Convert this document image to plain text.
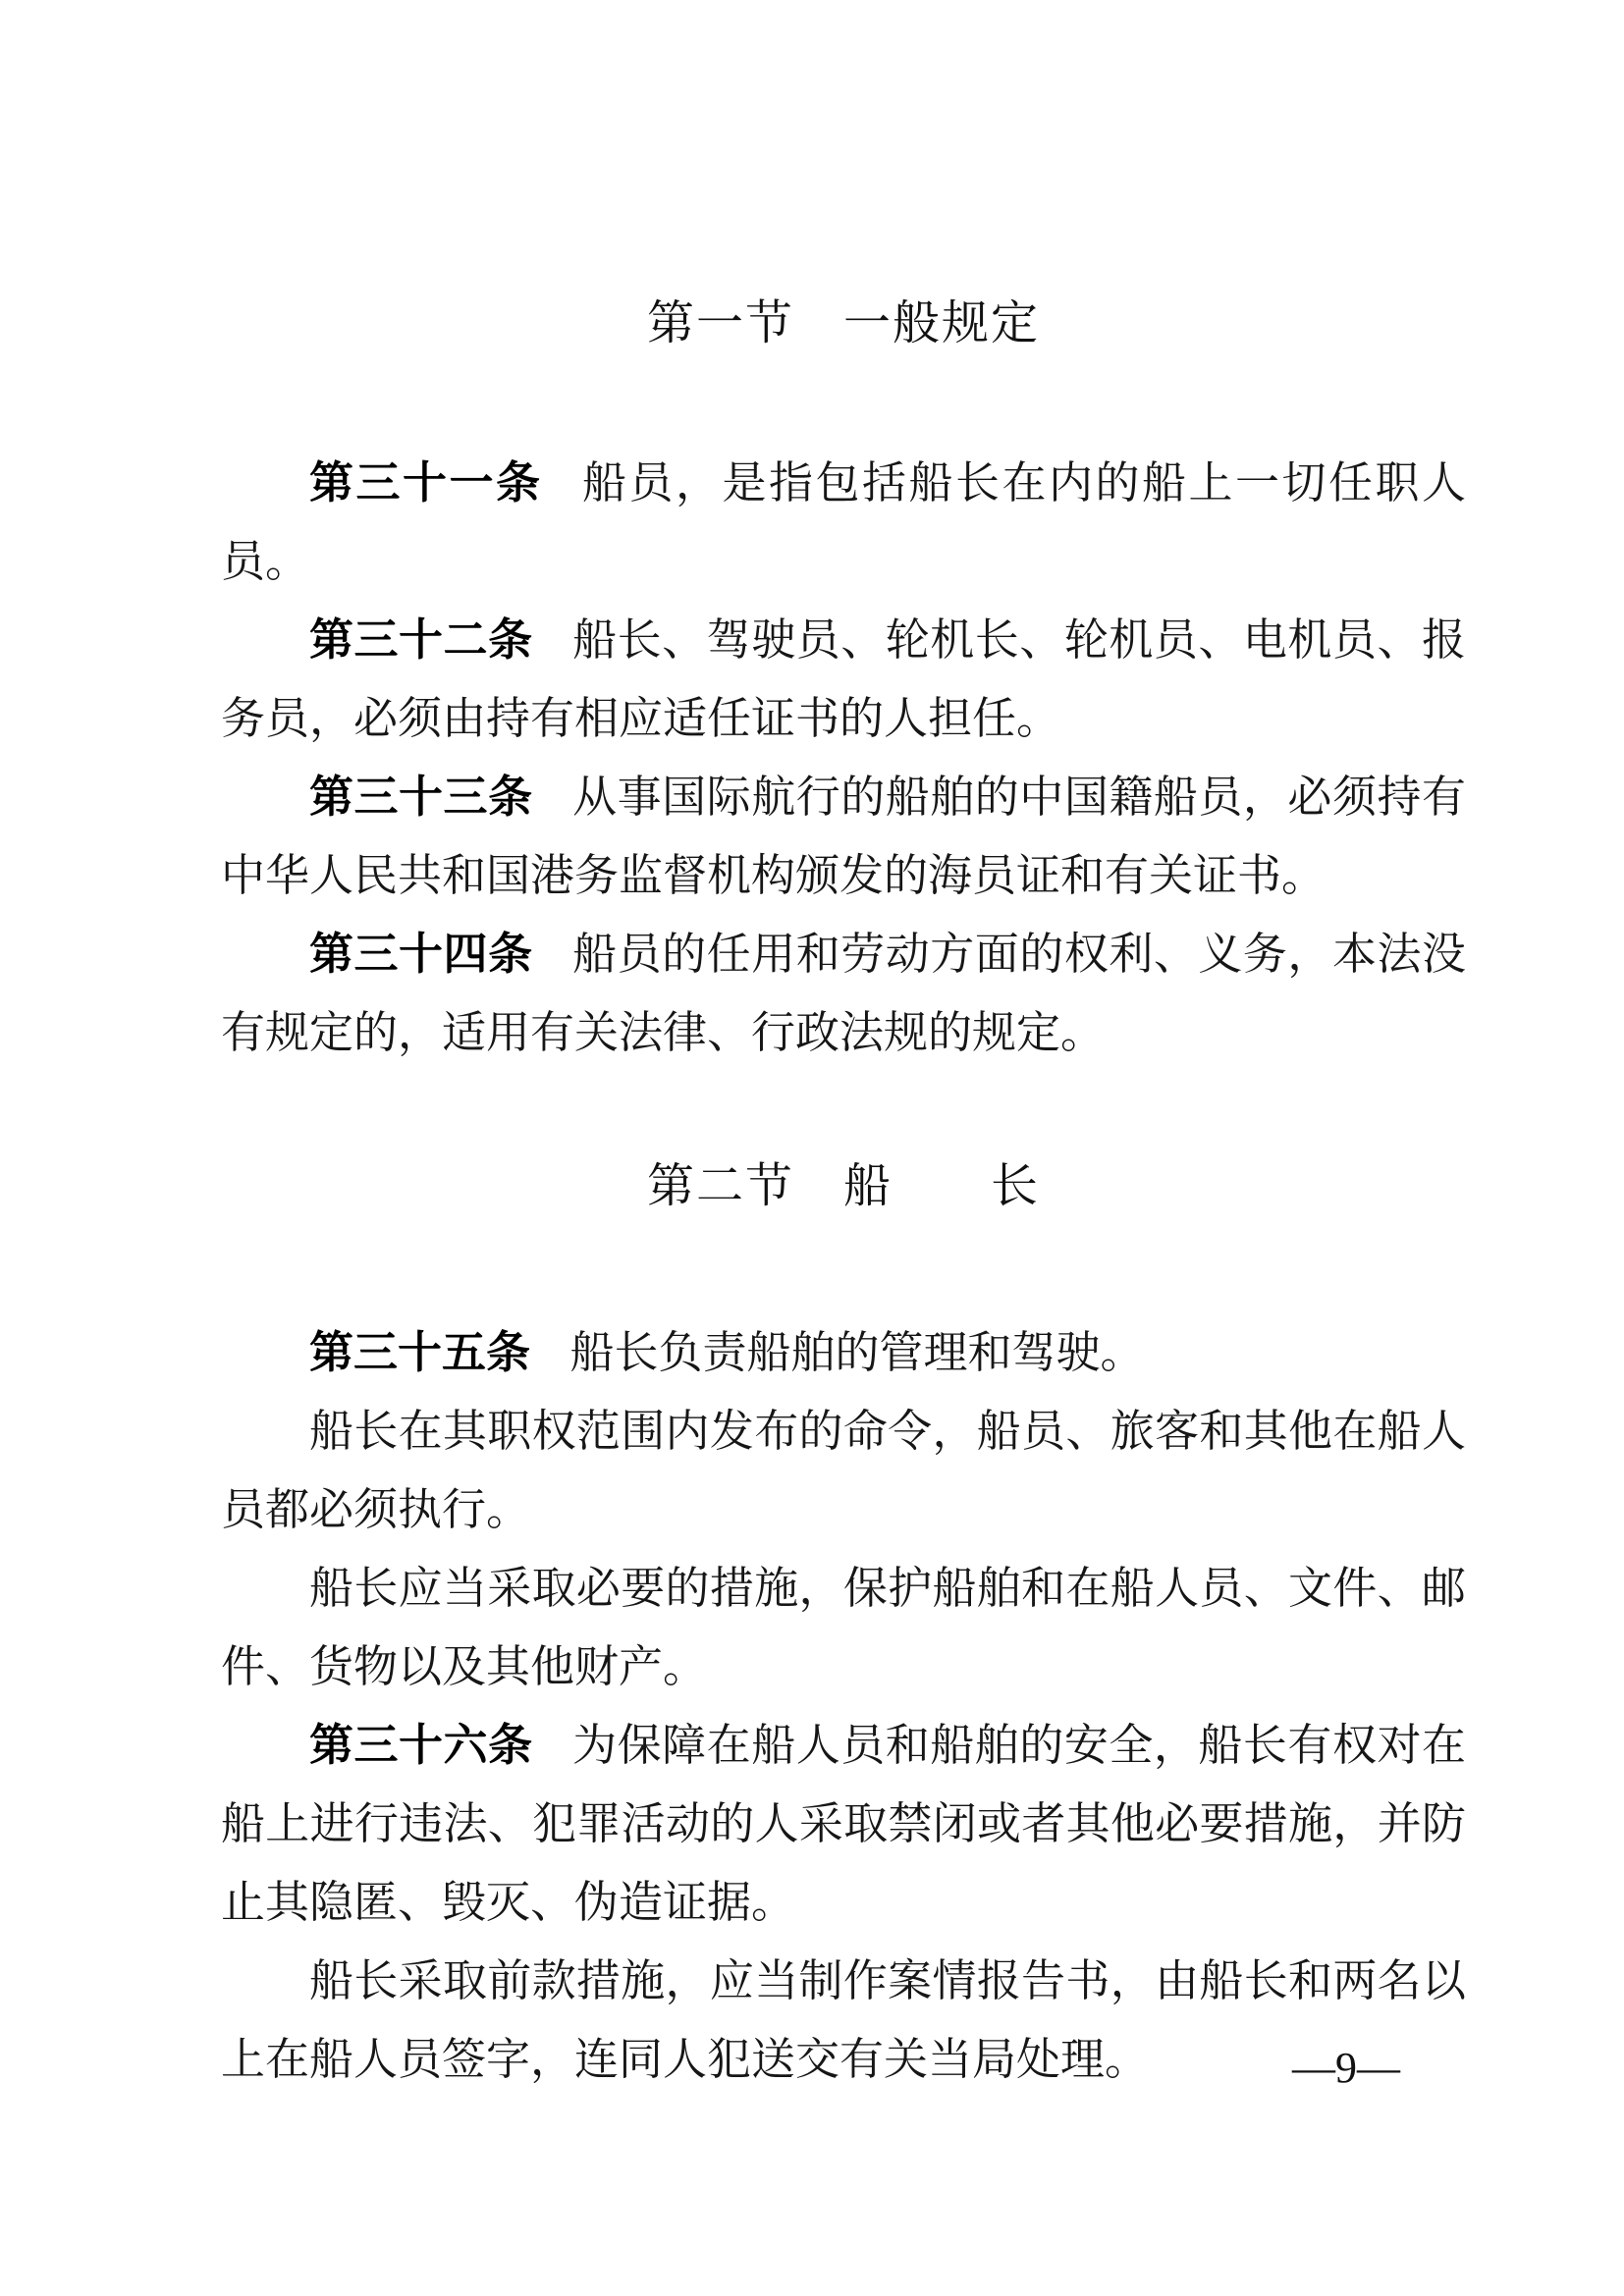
第一节　一般规定

第三十一条 船员，是指包括船长在内的船上一切任职人员。

第三十二条 船长、驾驶员、轮机长、轮机员、电机员、报务员，必须由持有相应适任证书的人担任。

第三十三条 从事国际航行的船舶的中国籍船员，必须持有中华人民共和国港务监督机构颁发的海员证和有关证书。

第三十四条 船员的任用和劳动方面的权利、义务，本法没有规定的，适用有关法律、行政法规的规定。

第二节　船　　长

第三十五条 船长负责船舶的管理和驾驶。

船长在其职权范围内发布的命令，船员、旅客和其他在船人员都必须执行。

船长应当采取必要的措施，保护船舶和在船人员、文件、邮件、货物以及其他财产。

第三十六条 为保障在船人员和船舶的安全，船长有权对在船上进行违法、犯罪活动的人采取禁闭或者其他必要措施，并防止其隐匿、毁灭、伪造证据。

船长采取前款措施，应当制作案情报告书，由船长和两名以上在船人员签字，连同人犯送交有关当局处理。	—9—
